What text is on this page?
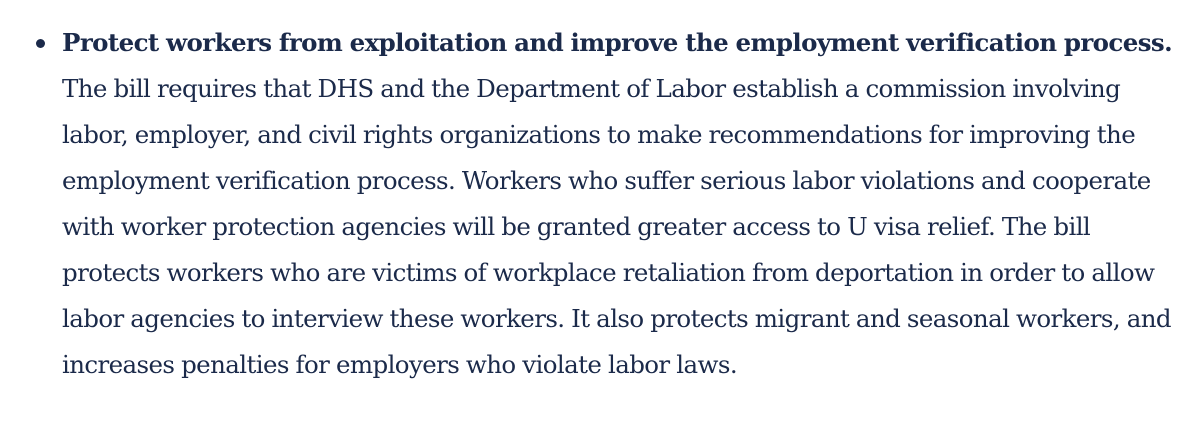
Protect workers from exploitation and improve the employment verification process. The bill requires that DHS and the Department of Labor establish a commission involving labor, employer, and civil rights organizations to make recommendations for improving the employment verification process. Workers who suffer serious labor violations and cooperate with worker protection agencies will be granted greater access to U visa relief. The bill protects workers who are victims of workplace retaliation from deportation in order to allow labor agencies to interview these workers. It also protects migrant and seasonal workers, and increases penalties for employers who violate labor laws.
